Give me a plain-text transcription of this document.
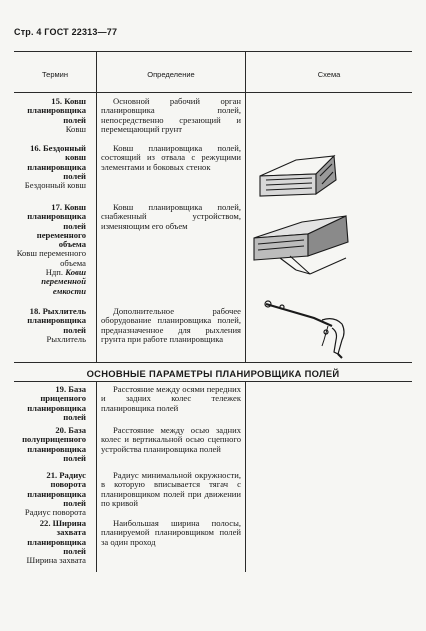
Стр. 4 ГОСТ 22313—77
Термин	Определение	Схема
15. Ковш планировщика полей
Ковш
Основной рабочий орган планировщика полей, непосредственно срезающий и перемещающий грунт
16. Бездонный ковш планировщика полей
Бездонный ковш
Ковш планировщика полей, состоящий из отвала с режущими элементами и боковых стенок
17. Ковш планировщика полей переменного объема
Ковш переменного объема
Ндп. Ковш переменной емкости
Ковш планировщика полей, снабженный устройством, изменяющим его объем
18. Рыхлитель планировщика полей
Рыхлитель
Дополнительное рабочее оборудование планировщика полей, предназначенное для рыхления грунта при работе планировщика
ОСНОВНЫЕ ПАРАМЕТРЫ ПЛАНИРОВЩИКА ПОЛЕЙ
19. База прицепного планировщика полей
Расстояние между осями передних и задних колес тележек планировщика полей
20. База полуприцепного планировщика полей
Расстояние между осью задних колес и вертикальной осью сцепного устройства планировщика полей
21. Радиус поворота планировщика полей
Радиус поворота
Радиус минимальной окружности, в которую вписывается тягач с планировщиком полей при движении по кривой
22. Ширина захвата планировщика полей
Ширина захвата
Наибольшая ширина полосы, планируемой планировщиком полей за один проход
